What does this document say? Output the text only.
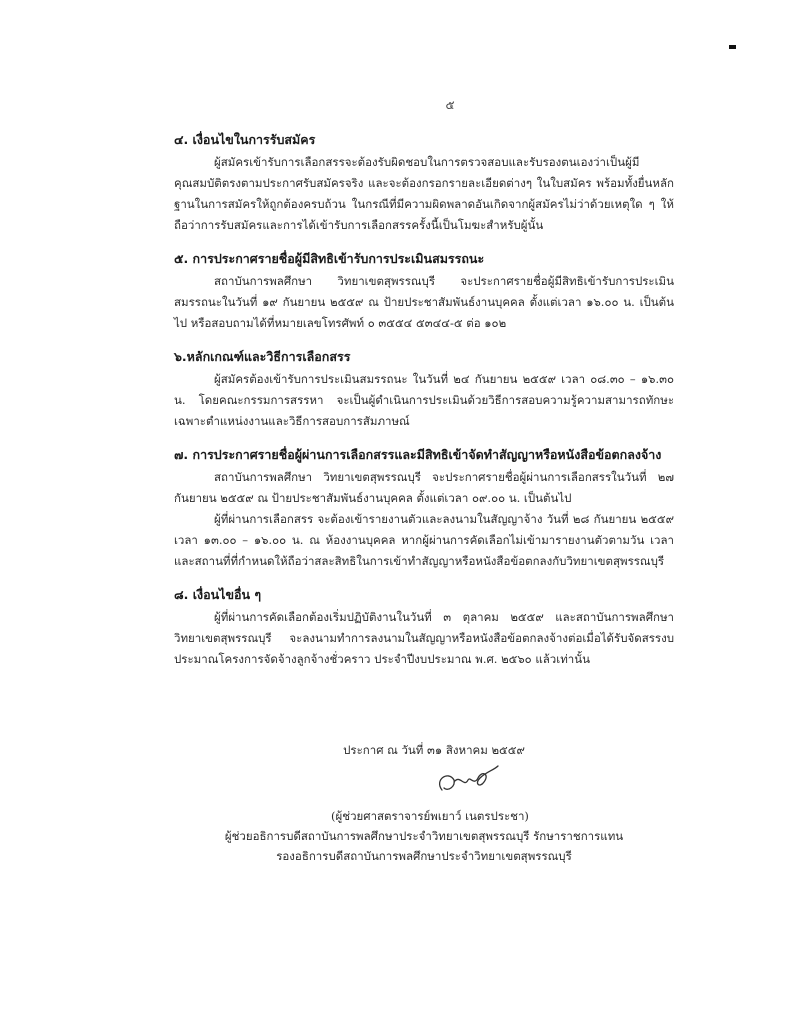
๕
๔. เงื่อนไขในการรับสมัคร
ผู้สมัครเข้ารับการเลือกสรรจะต้องรับผิดชอบในการตรวจสอบและรับรองตนเองว่าเป็นผู้มีคุณสมบัติตรงตามประกาศรับสมัครจริง และจะต้องกรอกรายละเอียดต่างๆ ในใบสมัคร พร้อมทั้งยื่นหลักฐานในการสมัครให้ถูกต้องครบถ้วน ในกรณีที่มีความผิดพลาดอันเกิดจากผู้สมัครไม่ว่าด้วยเหตุใด ๆ ให้ถือว่าการรับสมัครและการได้เข้ารับการเลือกสรรครั้งนี้เป็นโมฆะสำหรับผู้นั้น
๕. การประกาศรายชื่อผู้มีสิทธิเข้ารับการประเมินสมรรถนะ
สถาบันการพลศึกษา วิทยาเขตสุพรรณบุรี จะประกาศรายชื่อผู้มีสิทธิเข้ารับการประเมินสมรรถนะในวันที่ ๑๙ กันยายน ๒๕๕๙ ณ ป้ายประชาสัมพันธ์งานบุคคล ตั้งแต่เวลา ๑๖.๐๐ น. เป็นต้นไป หรือสอบถามได้ที่หมายเลขโทรศัพท์ ๐ ๓๕๕๔ ๕๓๔๔-๕ ต่อ ๑๐๒
๖.หลักเกณฑ์และวิธีการเลือกสรร
ผู้สมัครต้องเข้ารับการประเมินสมรรถนะ ในวันที่ ๒๔ กันยายน ๒๕๕๙ เวลา ๐๘.๓๐ – ๑๖.๓๐ น. โดยคณะกรรมการสรรหา จะเป็นผู้ดำเนินการประเมินด้วยวิธีการสอบความรู้ความสามารถทักษะเฉพาะตำแหน่งงานและวิธีการสอบการสัมภาษณ์
๗. การประกาศรายชื่อผู้ผ่านการเลือกสรรและมีสิทธิเข้าจัดทำสัญญาหรือหนังสือข้อตกลงจ้าง
สถาบันการพลศึกษา วิทยาเขตสุพรรณบุรี จะประกาศรายชื่อผู้ผ่านการเลือกสรรในวันที่ ๒๗ กันยายน ๒๕๕๙ ณ ป้ายประชาสัมพันธ์งานบุคคล ตั้งแต่เวลา ๐๙.๐๐ น. เป็นต้นไป
ผู้ที่ผ่านการเลือกสรร จะต้องเข้ารายงานตัวและลงนามในสัญญาจ้าง วันที่ ๒๘ กันยายน ๒๕๕๙ เวลา ๑๓.๐๐ – ๑๖.๐๐ น. ณ ห้องงานบุคคล หากผู้ผ่านการคัดเลือกไม่เข้ามารายงานตัวตามวัน เวลา และสถานที่ที่กำหนดให้ถือว่าสละสิทธิในการเข้าทำสัญญาหรือหนังสือข้อตกลงกับวิทยาเขตสุพรรณบุรี
๘. เงื่อนไขอื่น ๆ
ผู้ที่ผ่านการคัดเลือกต้องเริ่มปฏิบัติงานในวันที่ ๓ ตุลาคม ๒๕๕๙ และสถาบันการพลศึกษา วิทยาเขตสุพรรณบุรี จะลงนามทำการลงนามในสัญญาหรือหนังสือข้อตกลงจ้างต่อเมื่อได้รับจัดสรรงบประมาณโครงการจัดจ้างลูกจ้างชั่วคราว ประจำปีงบประมาณ พ.ศ. ๒๕๖๐ แล้วเท่านั้น
ประกาศ ณ วันที่ ๓๑ สิงหาคม ๒๕๕๙
(ผู้ช่วยศาสตราจารย์พเยาว์ เนตรประชา)
ผู้ช่วยอธิการบดีสถาบันการพลศึกษาประจำวิทยาเขตสุพรรณบุรี รักษาราชการแทน
รองอธิการบดีสถาบันการพลศึกษาประจำวิทยาเขตสุพรรณบุรี
